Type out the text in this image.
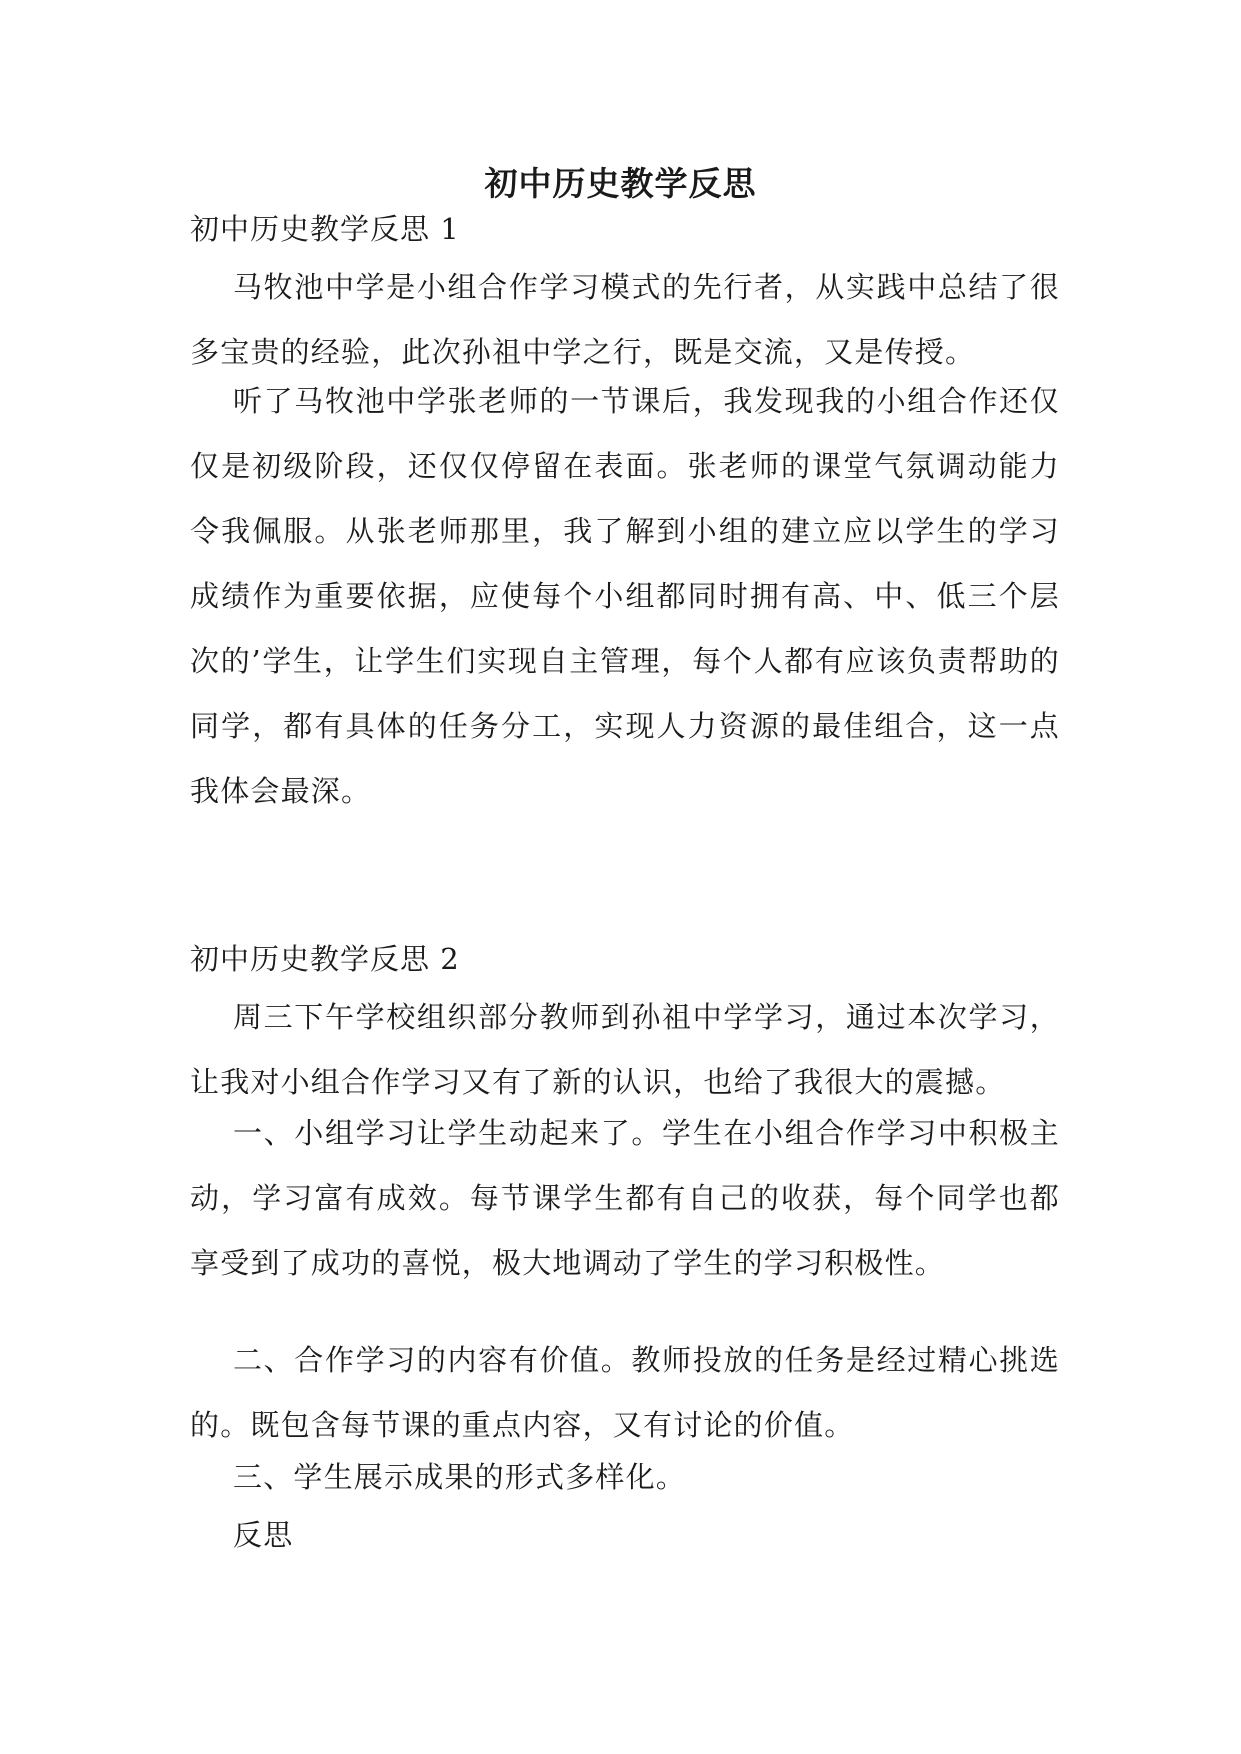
初中历史教学反思
初中历史教学反思 1
马牧池中学是小组合作学习模式的先行者，从实践中总结了很多宝贵的经验，此次孙祖中学之行，既是交流，又是传授。
听了马牧池中学张老师的一节课后，我发现我的小组合作还仅仅是初级阶段，还仅仅停留在表面。张老师的课堂气氛调动能力令我佩服。从张老师那里，我了解到小组的建立应以学生的学习成绩作为重要依据，应使每个小组都同时拥有高、中、低三个层次的’学生，让学生们实现自主管理，每个人都有应该负责帮助的同学，都有具体的任务分工，实现人力资源的最佳组合，这一点我体会最深。
初中历史教学反思 2
周三下午学校组织部分教师到孙祖中学学习，通过本次学习，让我对小组合作学习又有了新的认识，也给了我很大的震撼。
一、小组学习让学生动起来了。学生在小组合作学习中积极主动，学习富有成效。每节课学生都有自己的收获，每个同学也都享受到了成功的喜悦，极大地调动了学生的学习积极性。
二、合作学习的内容有价值。教师投放的任务是经过精心挑选的。既包含每节课的重点内容，又有讨论的价值。
三、学生展示成果的形式多样化。
反思
